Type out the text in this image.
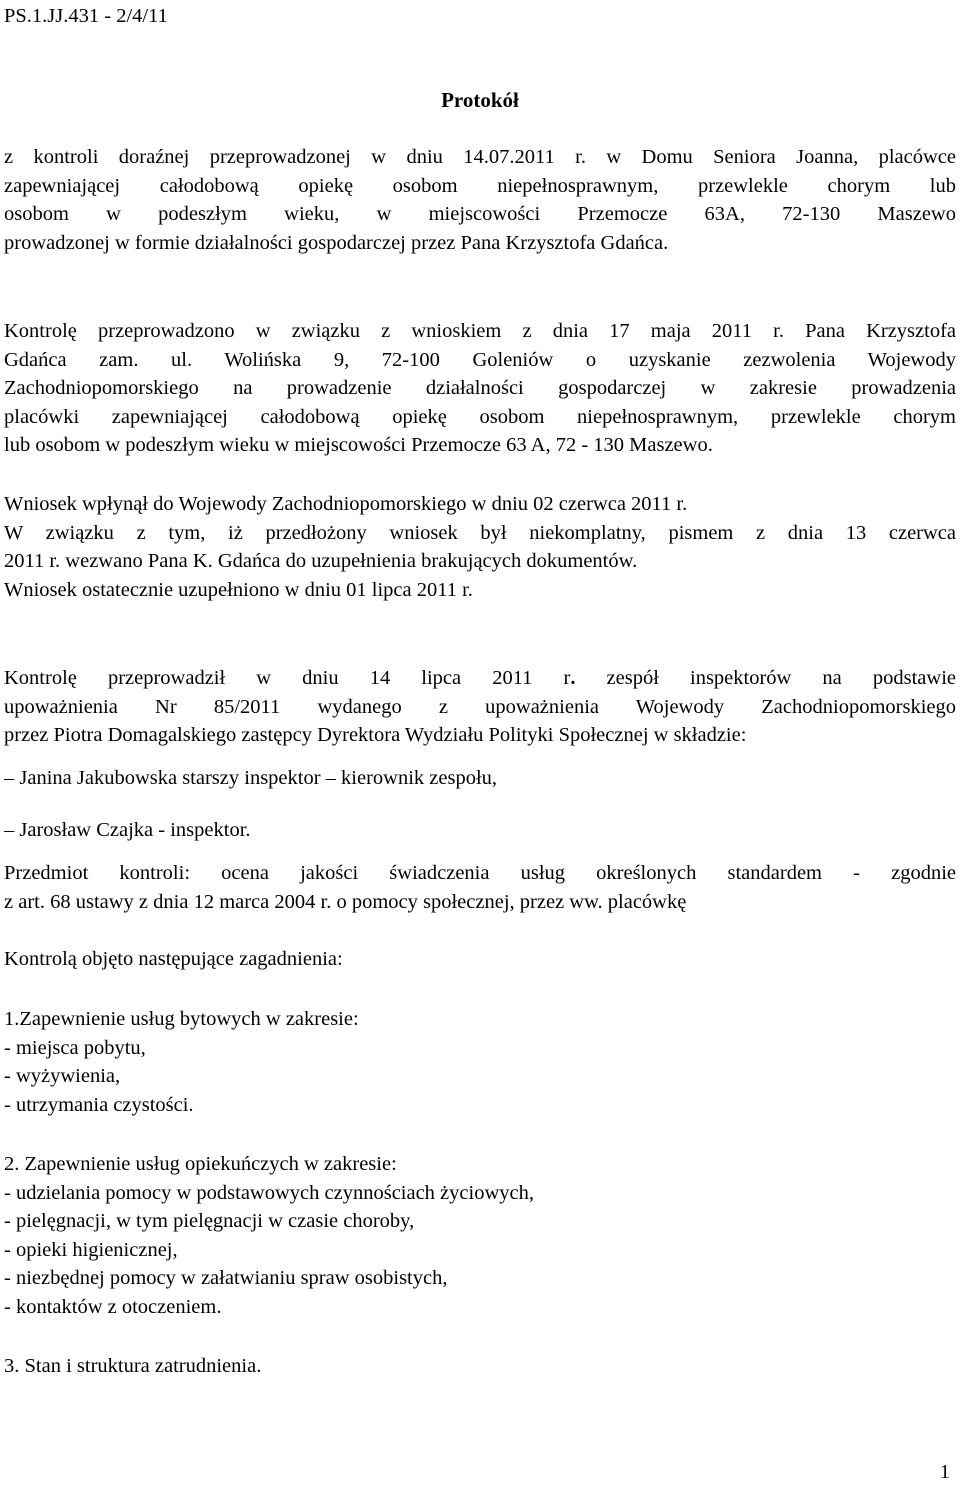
PS.1.JJ.431 - 2/4/11
Protokół
z kontroli doraźnej przeprowadzonej w dniu 14.07.2011 r. w Domu Seniora Joanna, placówce
zapewniającej całodobową opiekę osobom niepełnosprawnym, przewlekle chorym lub
osobom w podeszłym wieku, w miejscowości Przemocze 63A, 72-130 Maszewo
prowadzonej w formie działalności gospodarczej przez Pana Krzysztofa Gdańca.
Kontrolę przeprowadzono w związku z wnioskiem z dnia 17 maja 2011 r. Pana Krzysztofa
Gdańca zam. ul. Wolińska 9, 72-100 Goleniów o uzyskanie zezwolenia Wojewody
Zachodniopomorskiego na prowadzenie działalności gospodarczej w zakresie prowadzenia
placówki zapewniającej całodobową opiekę osobom niepełnosprawnym, przewlekle chorym
lub osobom w podeszłym wieku w miejscowości Przemocze 63 A, 72 - 130 Maszewo.
Wniosek wpłynął do Wojewody Zachodniopomorskiego w dniu 02 czerwca 2011 r.
W związku z tym, iż przedłożony wniosek był niekomplatny, pismem z dnia 13 czerwca
2011 r. wezwano Pana K. Gdańca do uzupełnienia brakujących dokumentów.
Wniosek ostatecznie uzupełniono w dniu 01 lipca 2011 r.
Kontrolę przeprowadził w dniu 14 lipca 2011 r. zespół inspektorów na podstawie
upoważnienia Nr 85/2011 wydanego z upoważnienia Wojewody Zachodniopomorskiego
przez Piotra Domagalskiego zastępcy Dyrektora Wydziału Polityki Społecznej w składzie:
– Janina Jakubowska starszy inspektor – kierownik zespołu,
– Jarosław Czajka - inspektor.
Przedmiot kontroli: ocena jakości świadczenia usług określonych standardem - zgodnie
z art. 68 ustawy z dnia 12 marca 2004 r. o pomocy społecznej, przez ww. placówkę
Kontrolą objęto następujące zagadnienia:
1.Zapewnienie usług bytowych w zakresie:
- miejsca pobytu,
- wyżywienia,
- utrzymania czystości.
2. Zapewnienie usług opiekuńczych w zakresie:
- udzielania pomocy w podstawowych czynnościach życiowych,
- pielęgnacji, w tym pielęgnacji w czasie choroby,
- opieki higienicznej,
- niezbędnej pomocy w załatwianiu spraw osobistych,
- kontaktów z otoczeniem.
3. Stan i struktura zatrudnienia.
1
